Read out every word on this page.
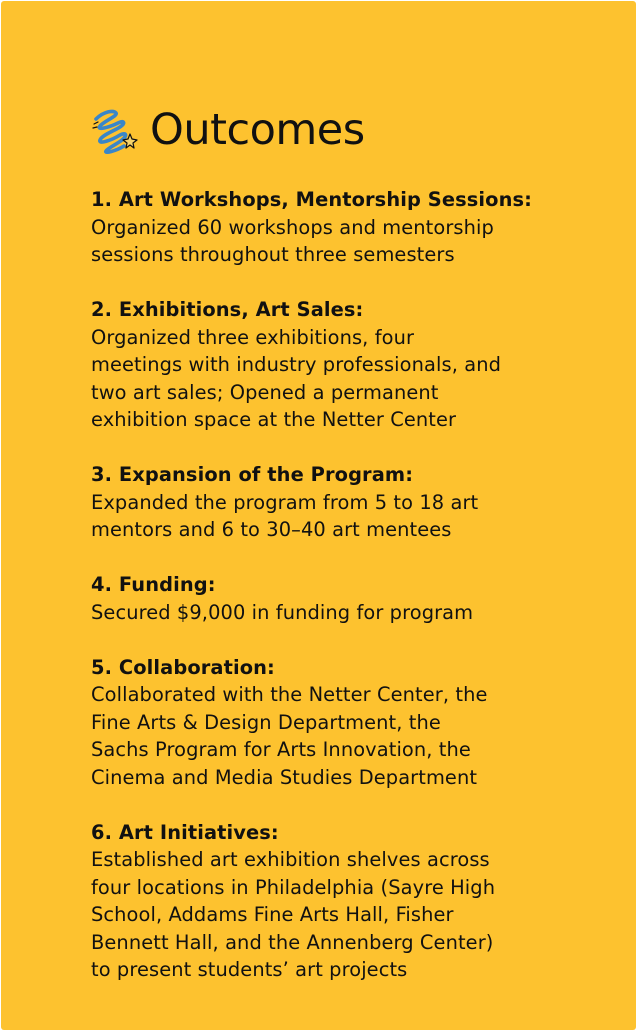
Outcomes
1. Art Workshops, Mentorship Sessions:
Organized 60 workshops and mentorship
sessions throughout three semesters
2. Exhibitions, Art Sales:
Organized three exhibitions, four
meetings with industry professionals, and
two art sales; Opened a permanent
exhibition space at the Netter Center
3. Expansion of the Program:
Expanded the program from 5 to 18 art
mentors and 6 to 30–40 art mentees
4. Funding:
Secured $9,000 in funding for program
5. Collaboration:
Collaborated with the Netter Center, the
Fine Arts & Design Department, the
Sachs Program for Arts Innovation, the
Cinema and Media Studies Department
6. Art Initiatives:
Established art exhibition shelves across
four locations in Philadelphia (Sayre High
School, Addams Fine Arts Hall, Fisher
Bennett Hall, and the Annenberg Center)
to present students’ art projects
